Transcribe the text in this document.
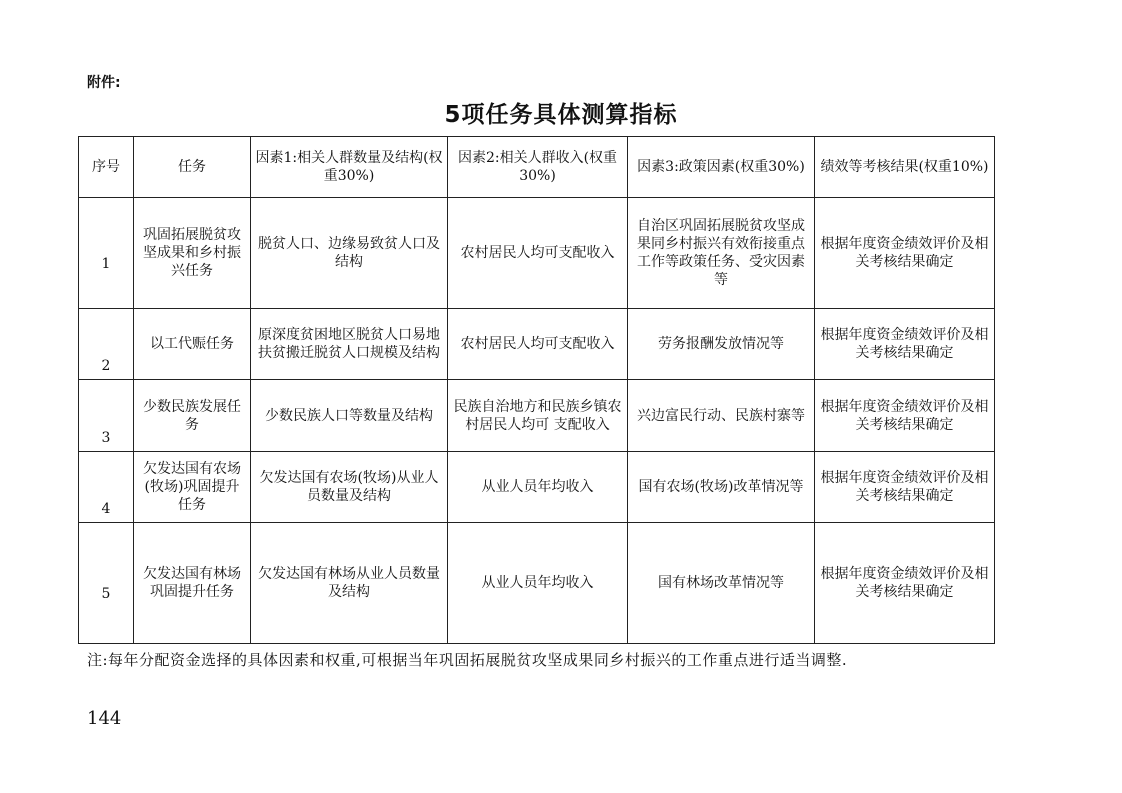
附件:
5项任务具体测算指标
序号	任务	因素1:相关人群数量及结构(权重30%)	因素2:相关人群收入(权重30%)	因素3:政策因素(权重30%)	绩效等考核结果(权重10%)
1	巩固拓展脱贫攻坚成果和乡村振兴任务	脱贫人口、边缘易致贫人口及结构	农村居民人均可支配收入	自治区巩固拓展脱贫攻坚成果同乡村振兴有效衔接重点工作等政策任务、受灾因素等	根据年度资金绩效评价及相关考核结果确定
2	以工代赈任务	原深度贫困地区脱贫人口易地扶贫搬迁脱贫人口规模及结构	农村居民人均可支配收入	劳务报酬发放情况等	根据年度资金绩效评价及相关考核结果确定
3	少数民族发展任务	少数民族人口等数量及结构	民族自治地方和民族乡镇农村居民人均可 支配收入	兴边富民行动、民族村寨等	根据年度资金绩效评价及相关考核结果确定
4	欠发达国有农场(牧场)巩固提升任务	欠发达国有农场(牧场)从业人员数量及结构	从业人员年均收入	国有农场(牧场)改革情况等	根据年度资金绩效评价及相关考核结果确定
5	欠发达国有林场巩固提升任务	欠发达国有林场从业人员数量及结构	从业人员年均收入	国有林场改革情况等	根据年度资金绩效评价及相关考核结果确定
注:每年分配资金选择的具体因素和权重,可根据当年巩固拓展脱贫攻坚成果同乡村振兴的工作重点进行适当调整.
144
